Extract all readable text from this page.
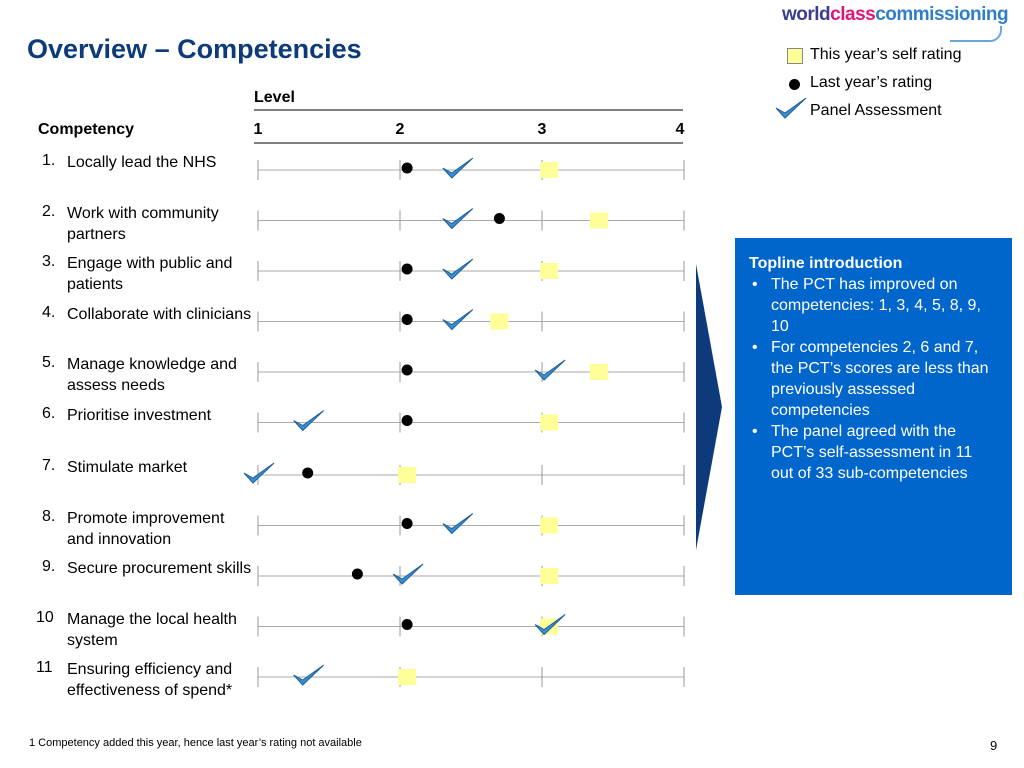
Overview – Competencies
worldclasscommissioning
This year’s self rating
Last year’s rating
Panel Assessment
Level
Competency	1	2	3	4
1. Locally lead the NHS
2. Work with community partners
3. Engage with public and patients
4. Collaborate with clinicians
5. Manage knowledge and assess needs
6. Prioritise investment
7. Stimulate market
8. Promote improvement and innovation
9. Secure procurement skills
10 Manage the local health system
11 Ensuring efficiency and effectiveness of spend*
Topline introduction
• The PCT has improved on competencies: 1, 3, 4, 5, 8, 9, 10
• For competencies 2, 6 and 7, the PCT’s scores are less than previously assessed competencies
• The panel agreed with the PCT’s self-assessment in 11 out of 33 sub-competencies
1 Competency added this year, hence last year’s rating not available	9
